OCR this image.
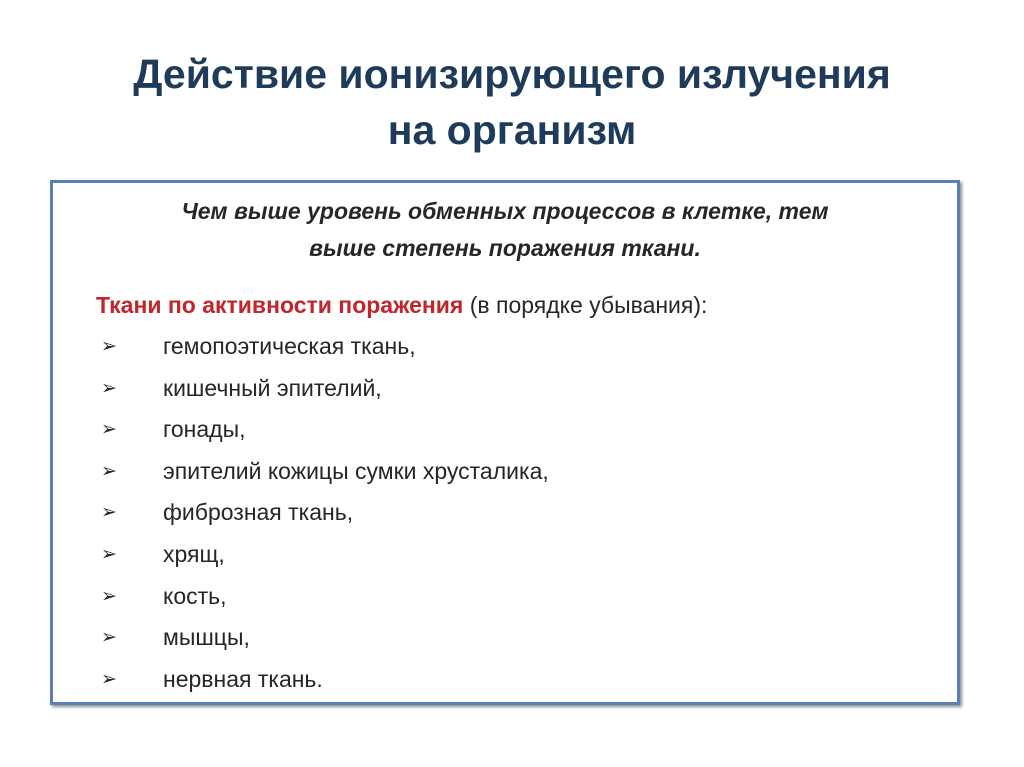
Действие ионизирующего излучения
на организм

Чем выше уровень обменных процессов в клетке, тем
выше степень поражения ткани.

Ткани по активности поражения (в порядке убывания):

➢	гемопоэтическая ткань,
➢	кишечный эпителий,
➢	гонады,
➢	эпителий кожицы сумки хрусталика,
➢	фиброзная ткань,
➢	хрящ,
➢	кость,
➢	мышцы,
➢	нервная ткань.
